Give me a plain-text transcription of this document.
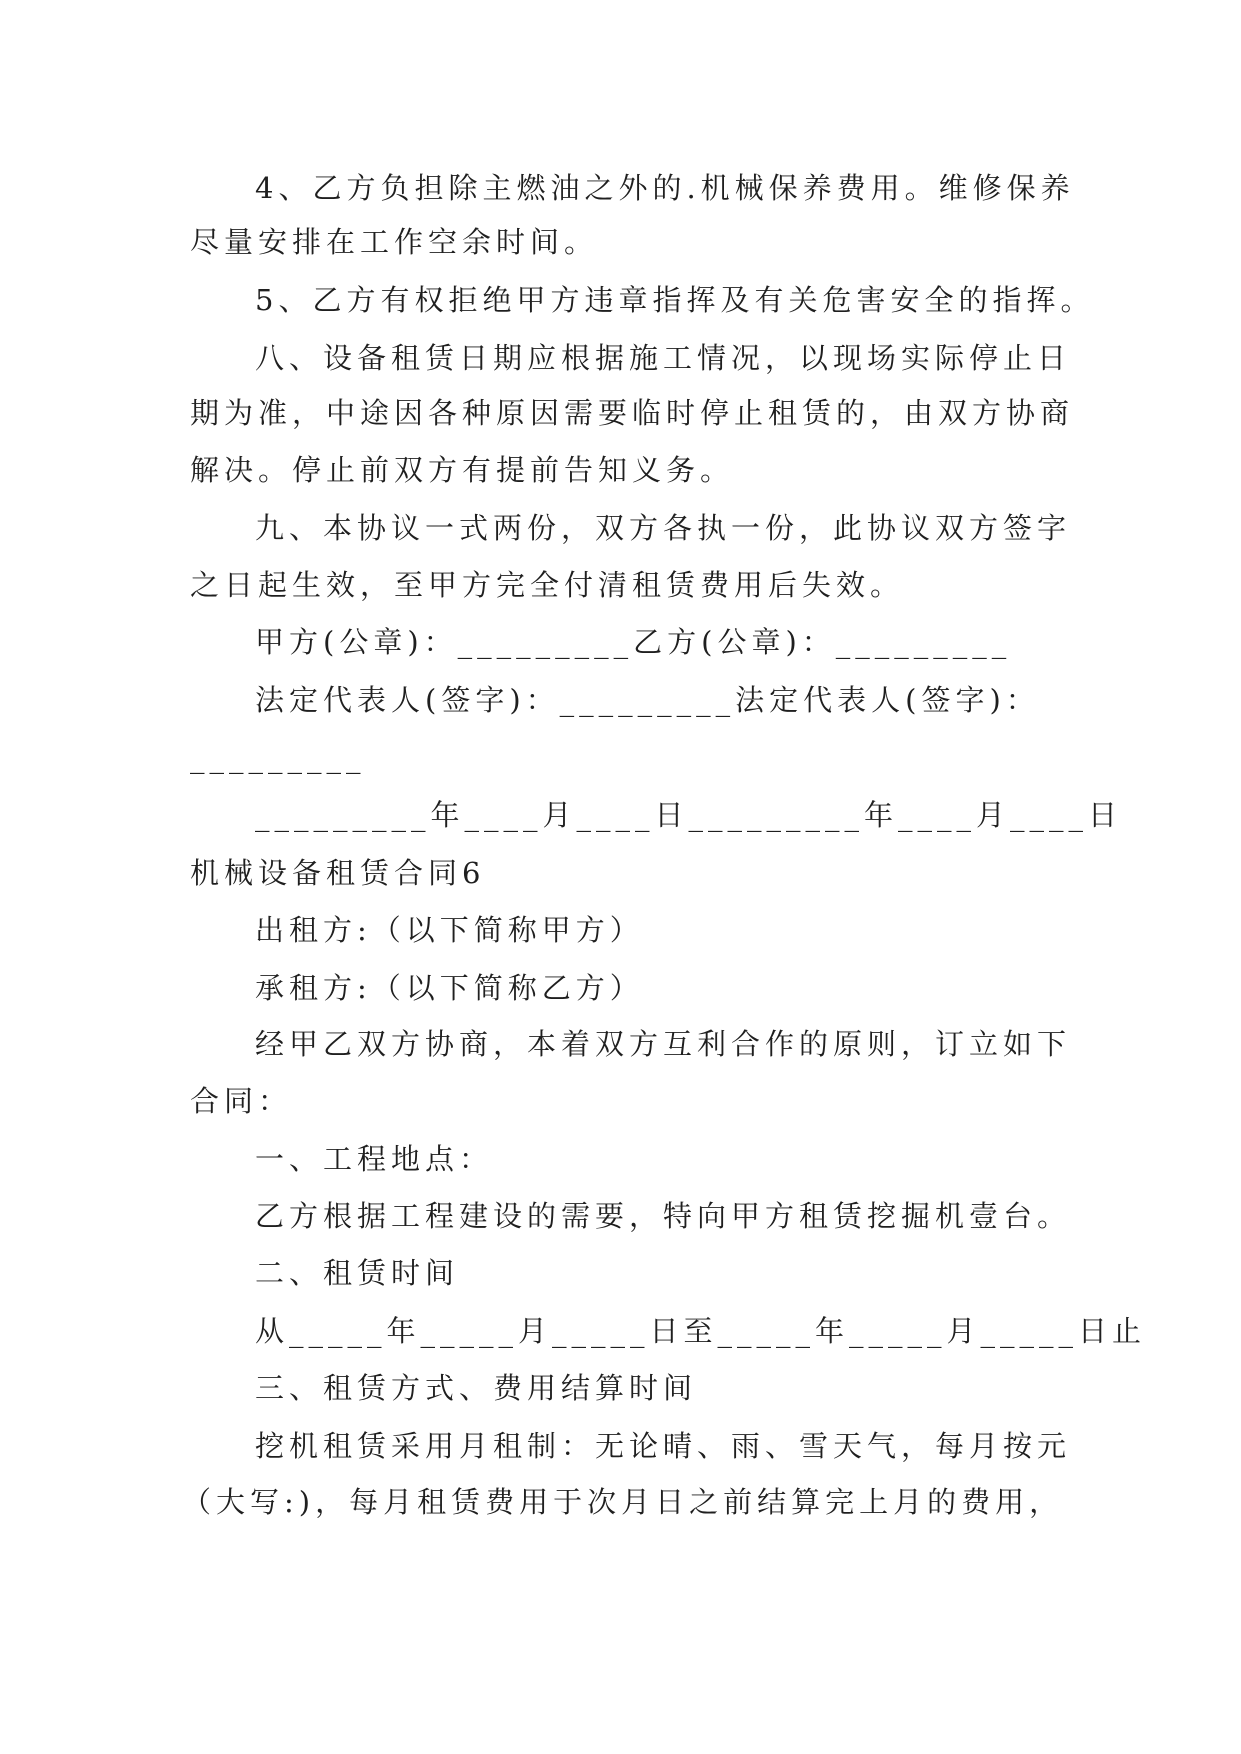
4、乙方负担除主燃油之外的.机械保养费用。维修保养
尽量安排在工作空余时间。
5、乙方有权拒绝甲方违章指挥及有关危害安全的指挥。
八、设备租赁日期应根据施工情况，以现场实际停止日
期为准，中途因各种原因需要临时停止租赁的，由双方协商
解决。停止前双方有提前告知义务。
九、本协议一式两份，双方各执一份，此协议双方签字
之日起生效，至甲方完全付清租赁费用后失效。
甲方(公章)：_________乙方(公章)：_________
法定代表人(签字)：_________法定代表人(签字)：
_________
_________年____月____日_________年____月____日
机械设备租赁合同6
出租方:（以下简称甲方）
承租方:（以下简称乙方）
经甲乙双方协商，本着双方互利合作的原则，订立如下
合同：
一、工程地点：
乙方根据工程建设的需要，特向甲方租赁挖掘机壹台。
二、租赁时间
从_____年_____月_____日至_____年_____月_____日止
三、租赁方式、费用结算时间
挖机租赁采用月租制：无论晴、雨、雪天气，每月按元
（大写:)，每月租赁费用于次月日之前结算完上月的费用，
